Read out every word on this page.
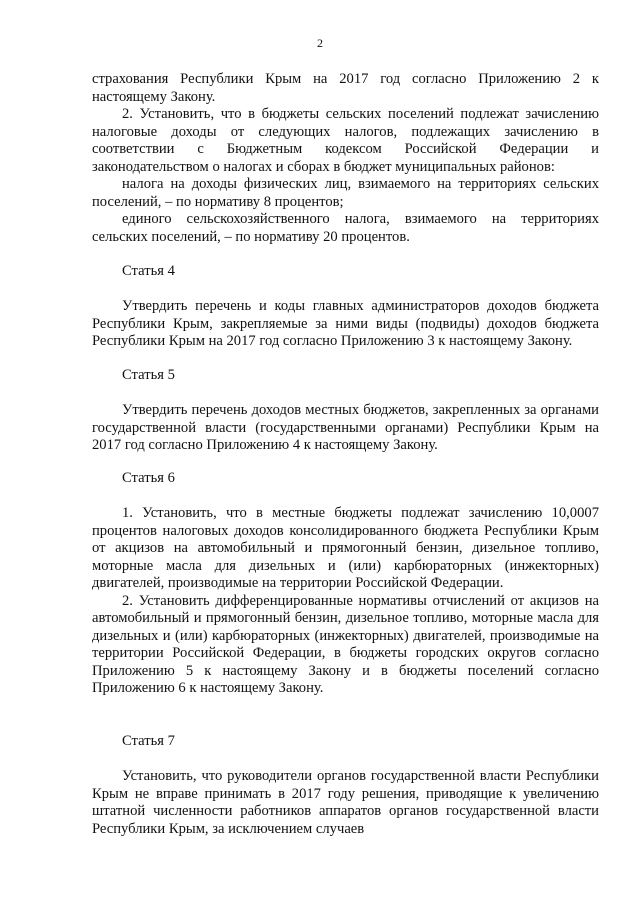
2

страхования Республики Крым на 2017 год согласно Приложению 2 к настоящему Закону.

2. Установить, что в бюджеты сельских поселений подлежат зачислению налоговые доходы от следующих налогов, подлежащих зачислению в соответствии с Бюджетным кодексом Российской Федерации и законодательством о налогах и сборах в бюджет муниципальных районов:

налога на доходы физических лиц, взимаемого на территориях сельских поселений, – по нормативу 8 процентов;

единого сельскохозяйственного налога, взимаемого на территориях сельских поселений, – по нормативу 20 процентов.

Статья 4

Утвердить перечень и коды главных администраторов доходов бюджета Республики Крым, закрепляемые за ними виды (подвиды) доходов бюджета Республики Крым на 2017 год согласно Приложению 3 к настоящему Закону.

Статья 5

Утвердить перечень доходов местных бюджетов, закрепленных за органами государственной власти (государственными органами) Республики Крым на 2017 год согласно Приложению 4 к настоящему Закону.

Статья 6

1. Установить, что в местные бюджеты подлежат зачислению 10,0007 процентов налоговых доходов консолидированного бюджета Республики Крым от акцизов на автомобильный и прямогонный бензин, дизельное топливо, моторные масла для дизельных и (или) карбюраторных (инжекторных) двигателей, производимые на территории Российской Федерации.

2. Установить дифференцированные нормативы отчислений от акцизов на автомобильный и прямогонный бензин, дизельное топливо, моторные масла для дизельных и (или) карбюраторных (инжекторных) двигателей, производимые на территории Российской Федерации, в бюджеты городских округов согласно Приложению 5 к настоящему Закону и в бюджеты поселений согласно Приложению 6 к настоящему Закону.

Статья 7

Установить, что руководители органов государственной власти Республики Крым не вправе принимать в 2017 году решения, приводящие к увеличению штатной численности работников аппаратов органов государственной власти Республики Крым, за исключением случаев
